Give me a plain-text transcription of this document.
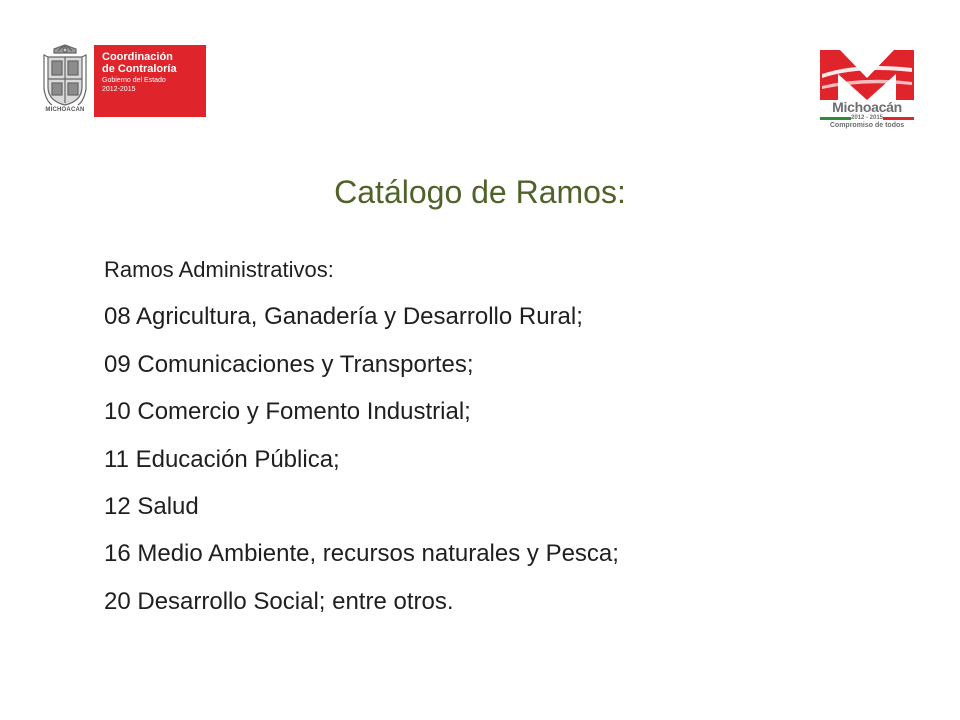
MICHOACAN
Coordinación
de Contraloría
Gobierno del Estado
2012-2015
Michoacán
2012 - 2015
Compromiso de todos
Catálogo de Ramos:
Ramos Administrativos:
08 Agricultura, Ganadería y Desarrollo Rural;
09 Comunicaciones y Transportes;
10 Comercio y Fomento Industrial;
11 Educación Pública;
12 Salud
16 Medio Ambiente, recursos naturales y Pesca;
20 Desarrollo Social; entre otros.
